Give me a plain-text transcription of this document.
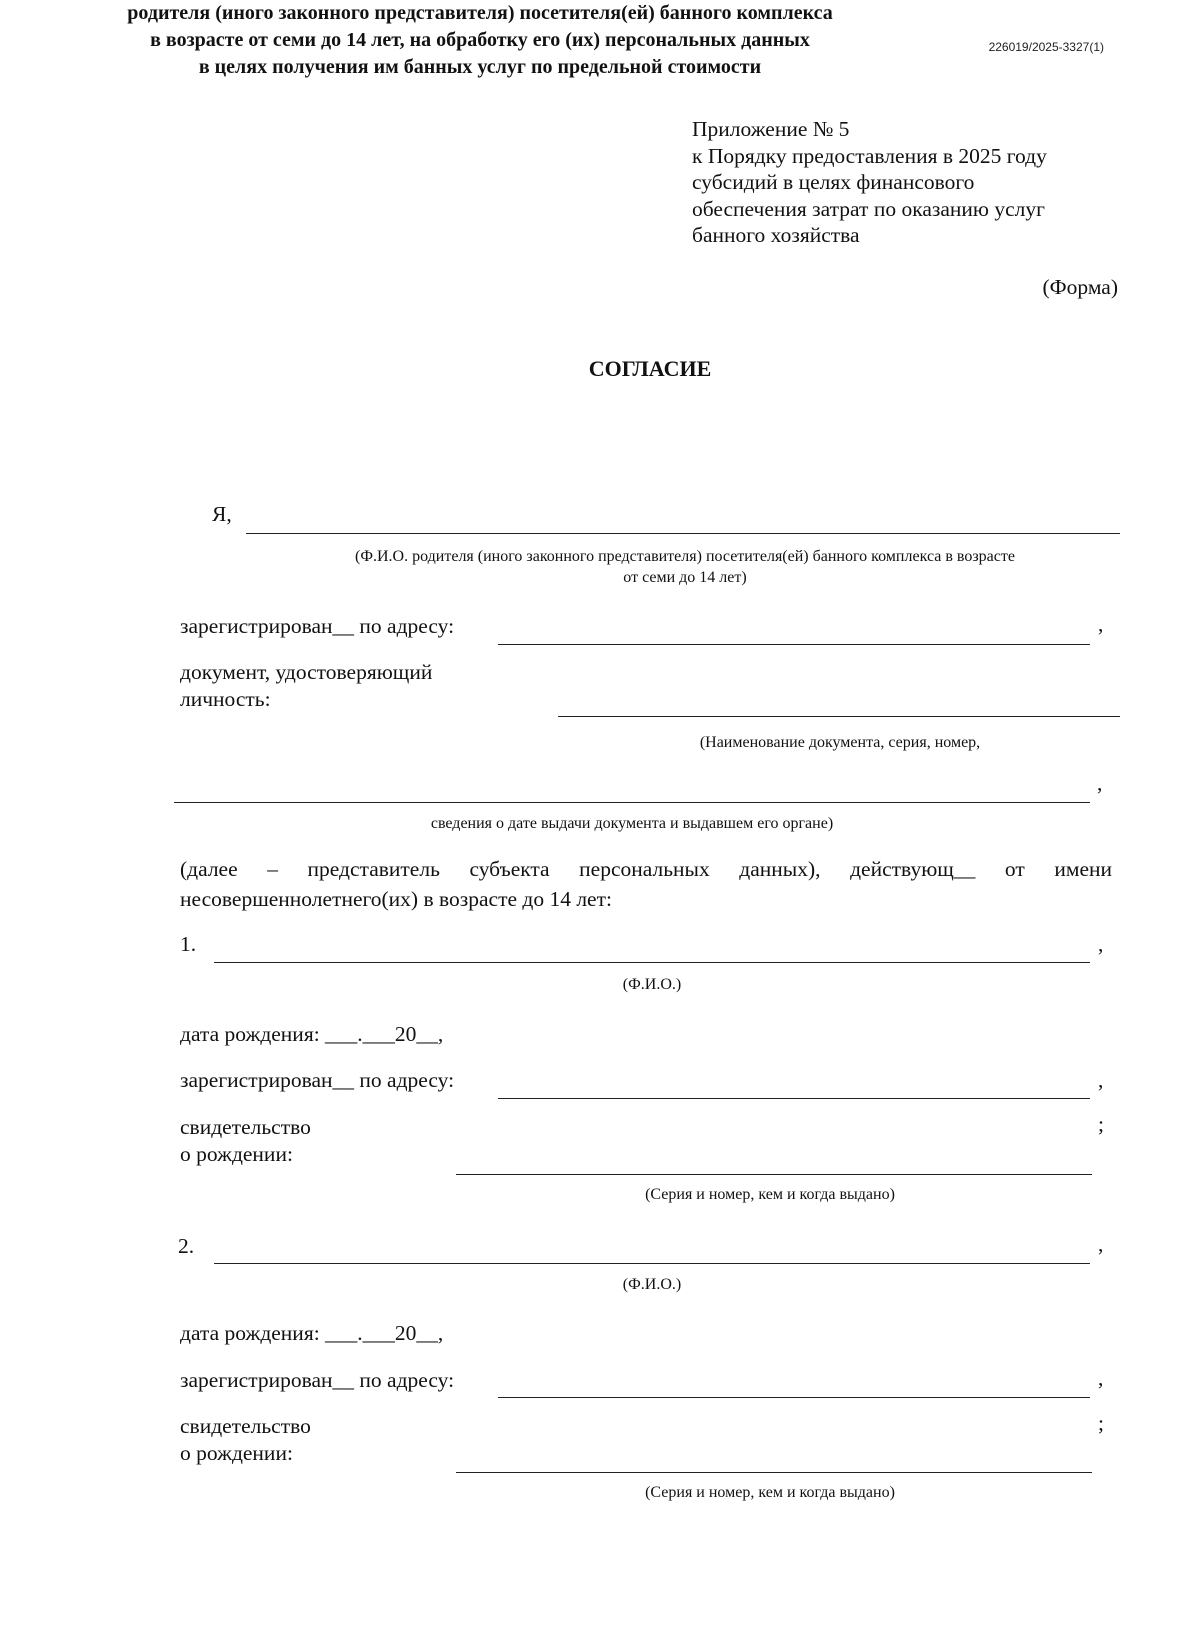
226019/2025-3327(1)
Приложение № 5
к Порядку предоставления в 2025 году
субсидий в целях финансового
обеспечения затрат по оказанию услуг
банного хозяйства
(Форма)
СОГЛАСИЕ
родителя (иного законного представителя) посетителя(ей) банного комплекса
в возрасте от семи до 14 лет, на обработку его (их) персональных данных
в целях получения им банных услуг по предельной стоимости
Я,
(Ф.И.О. родителя (иного законного представителя) посетителя(ей) банного комплекса в возрасте
от семи до 14 лет)
зарегистрирован__ по адресу:	,
документ, удостоверяющий
личность:
(Наименование документа, серия, номер,
,
сведения о дате выдачи документа и выдавшем его органе)
(далее – представитель субъекта персональных данных), действующ__ от имени несовершеннолетнего(их) в возрасте до 14 лет:
1.	,
(Ф.И.О.)
дата рождения: ___.___20__,
зарегистрирован__ по адресу:	,
свидетельство
о рождении:
;
(Серия и номер, кем и когда выдано)
2.	,
(Ф.И.О.)
дата рождения: ___.___20__,
зарегистрирован__ по адресу:	,
свидетельство
о рождении:
;
(Серия и номер, кем и когда выдано)
